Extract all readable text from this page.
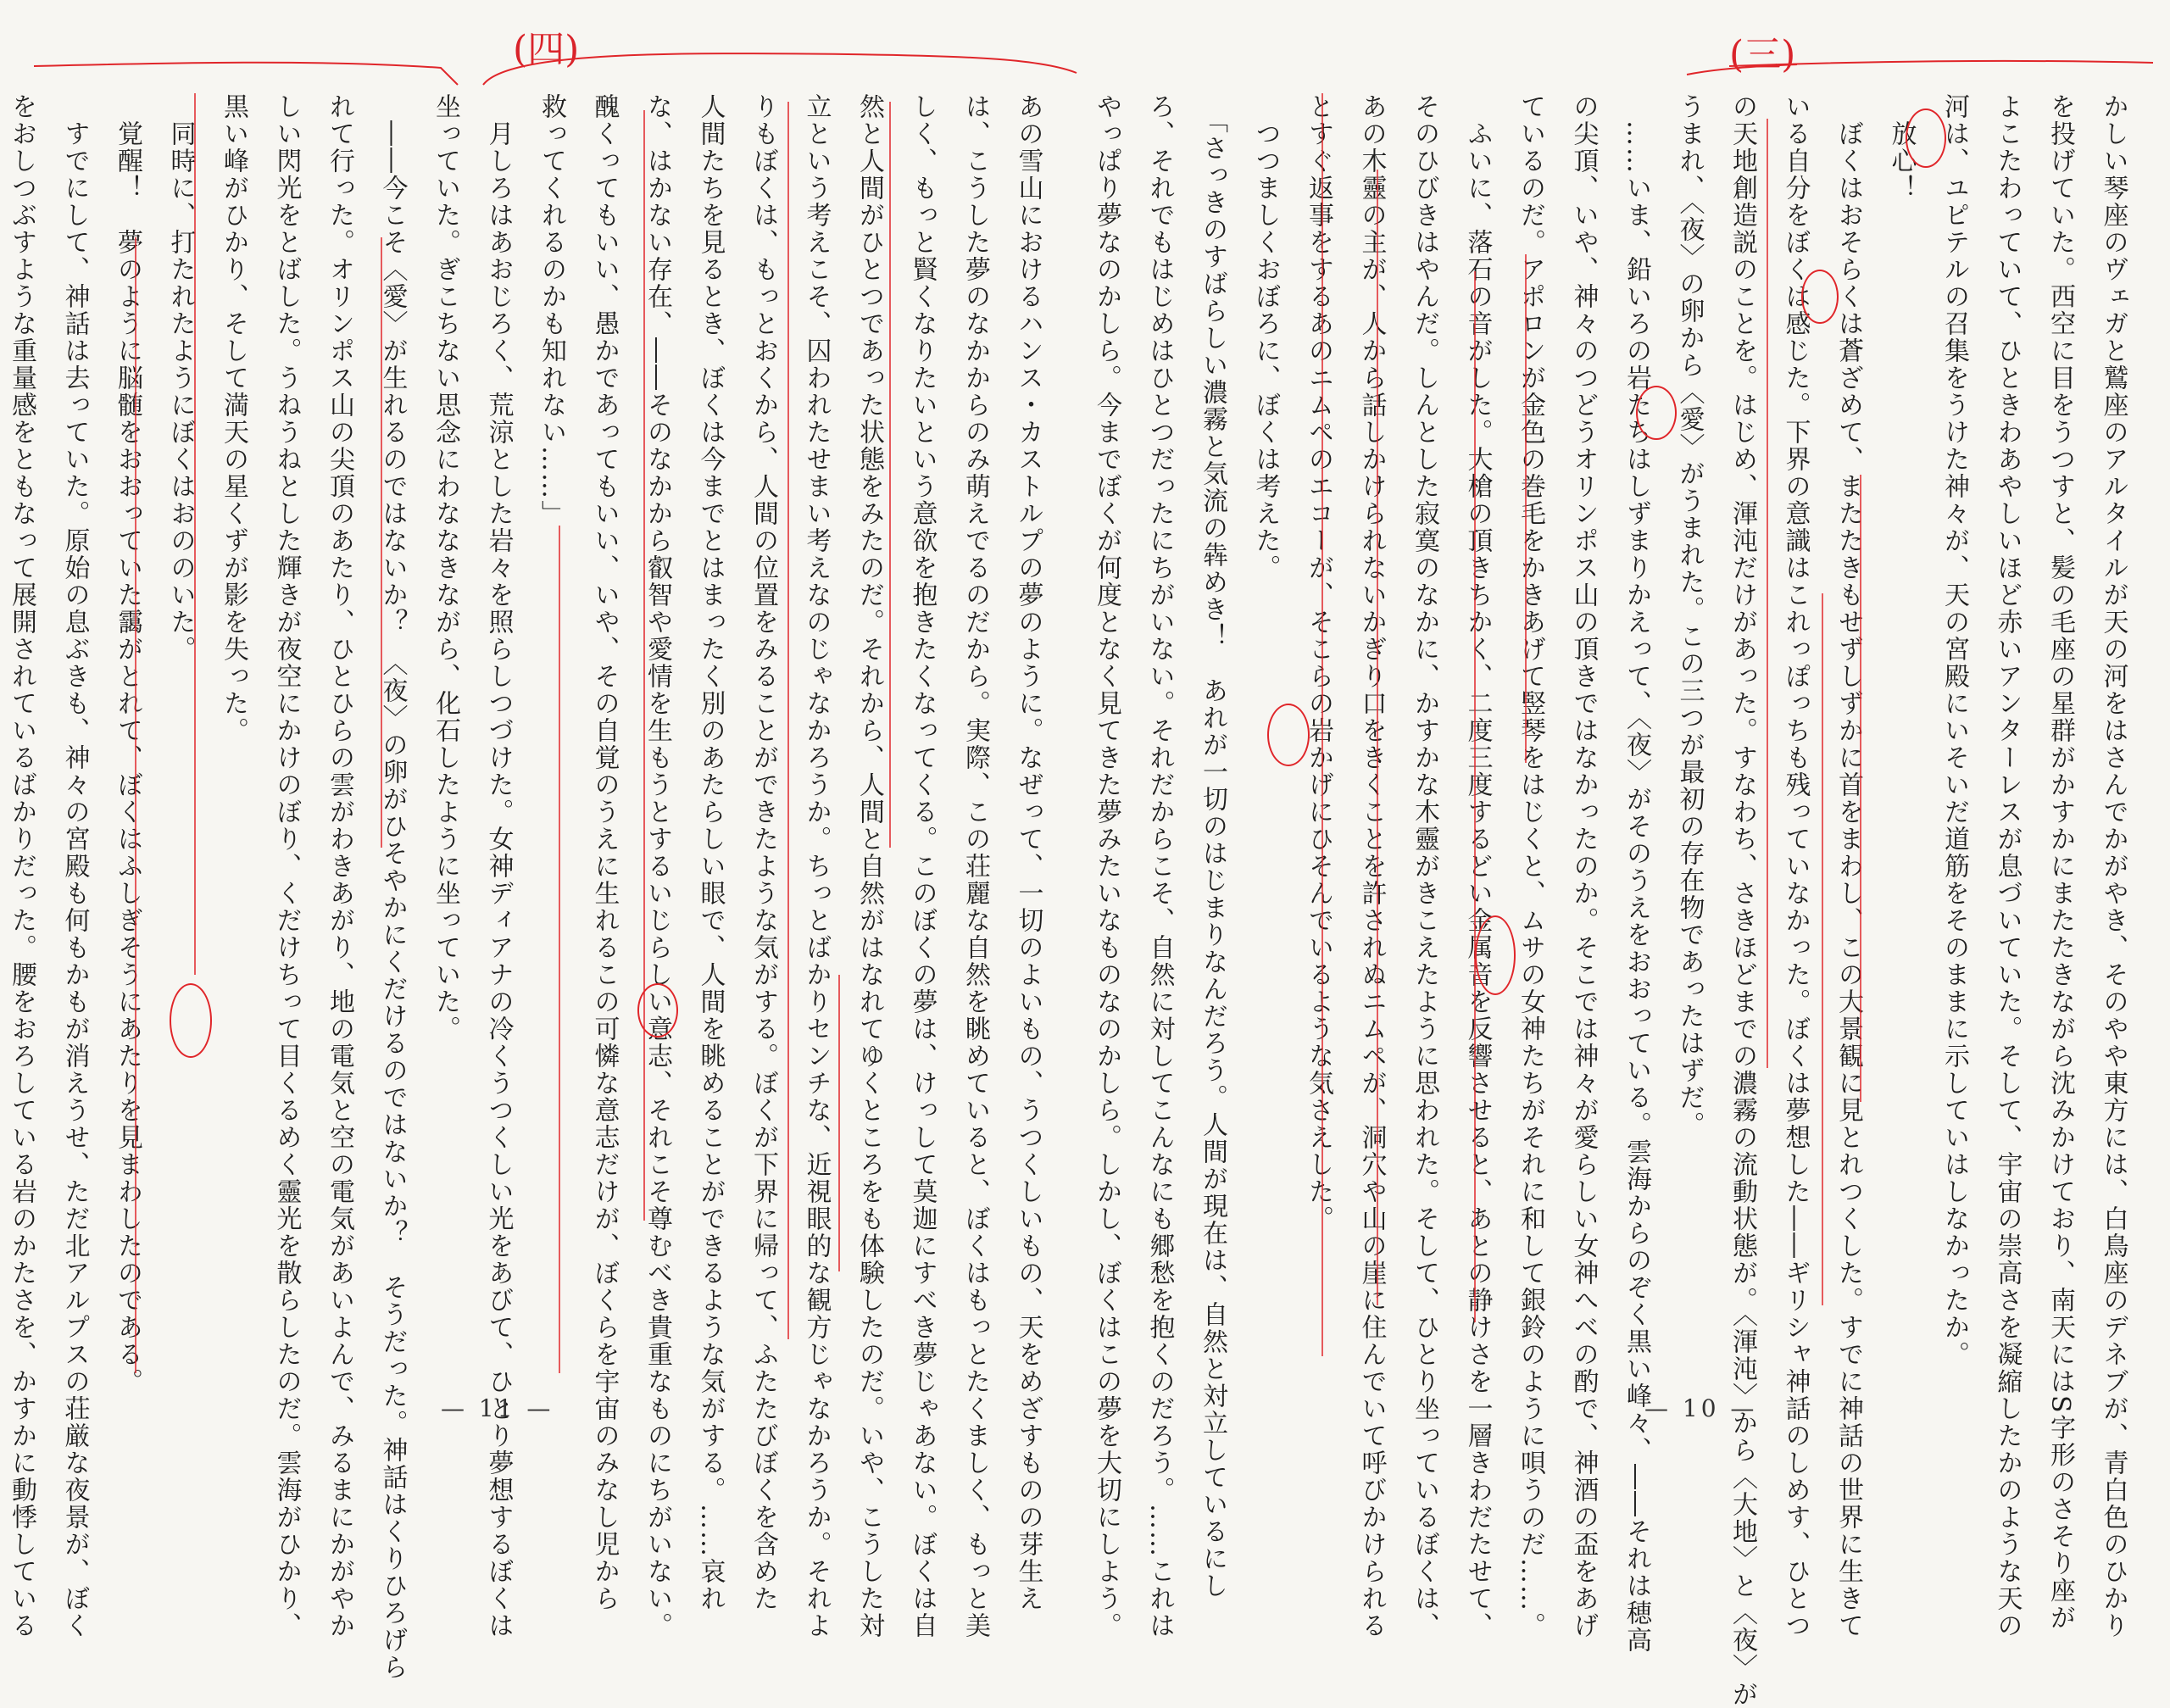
(四)
あの雪山におけるハンス・カストルプの夢のように。なぜって、一切のよいもの、うつくしいもの、天をめざすものの芽生え
は、こうした夢のなかからのみ萌えでるのだから。実際、この荘麗な自然を眺めていると、ぼくはもっとたくましく、もっと美
しく、もっと賢くなりたいという意欲を抱きたくなってくる。このぼくの夢は、けっして莫迦にすべき夢じゃあない。ぼくは自
然と人間がひとつであった状態をみたのだ。それから、人間と自然がはなれてゆくところをも体験したのだ。いや、こうした対
立という考えこそ、囚われたせまい考えなのじゃなかろうか。ちっとばかりセンチな、近視眼的な観方じゃなかろうか。それよ
りもぼくは、もっとおくから、人間の位置をみることができたような気がする。ぼくが下界に帰って、ふたたびぼくを含めた
人間たちを見るとき、ぼくは今までとはまったく別のあたらしい眼で、人間を眺めることができるような気がする。……哀れ
な、はかない存在、――そのなかから叡智や愛情を生もうとするいじらしい意志、それこそ尊むべき貴重なものにちがいない。
醜くってもいい、愚かであってもいい、いや、その自覚のうえに生れるこの可憐な意志だけが、ぼくらを宇宙のみなし児から
救ってくれるのかも知れない……」
　月しろはあおじろく、荒涼とした岩々を照らしつづけた。女神ディアナの冷くうつくしい光をあびて、ひとり夢想するぼくは
坐っていた。ぎこちない思念にわななきながら、化石したように坐っていた。
　――今こそ〈愛〉が生れるのではないか？　〈夜〉の卵がひそやかにくだけるのではないか？　そうだった。神話はくりひろげら
れて行った。オリンポス山の尖頂のあたり、ひとひらの雲がわきあがり、地の電気と空の電気があいよんで、みるまにかがやか
しい閃光をとばした。うねうねとした輝きが夜空にかけのぼり、くだけちって目くるめく靈光を散らしたのだ。雲海がひかり、
黒い峰がひかり、そして満天の星くずが影を失った。
　同時に、打たれたようにぼくはおののいた。
　覚醒！　夢のように脳髄をおおっていた靄がとれて、ぼくはふしぎそうにあたりを見まわしたのである。
　すでにして、神話は去っていた。原始の息ぶきも、神々の宮殿も何もかもが消えうせ、ただ北アルプスの荘厳な夜景が、ぼく
をおしつぶすような重量感をともなって展開されているばかりだった。腰をおろしている岩のかたさを、かすかに動悸している	— 11 —
(三)
かしい琴座のヴェガと鷲座のアルタイルが天の河をはさんでかがやき、そのやや東方には、白鳥座のデネブが、青白色のひかり
を投げていた。西空に目をうつすと、髪の毛座の星群がかすかにまたたきながら沈みかけており、南天にはS字形のさそり座が
よこたわっていて、ひときわあやしいほど赤いアンターレスが息づいていた。そして、宇宙の崇高さを凝縮したかのような天の
河は、ユピテルの召集をうけた神々が、天の宮殿にいそいだ道筋をそのままに示していはしなかったか。
　放心！
　ぼくはおそらくは蒼ざめて、またたきもせずしずかに首をまわし、この大景観に見とれつくした。すでに神話の世界に生きて
いる自分をぼくは感じた。下界の意識はこれっぽっちも残っていなかった。ぼくは夢想した――ギリシャ神話のしめす、ひとつ
の天地創造説のことを。はじめ、渾沌だけがあった。すなわち、さきほどまでの濃霧の流動状態が。〈渾沌〉から〈大地〉と〈夜〉が
うまれ、〈夜〉の卵から〈愛〉がうまれた。この三つが最初の存在物であったはずだ。
　……いま、鉛いろの岩たちはしずまりかえって、〈夜〉がそのうえをおおっている。雲海からのぞく黒い峰々、――それは穂高
の尖頂、いや、神々のつどうオリンポス山の頂きではなかったのか。そこでは神々が愛らしい女神へベの酌で、神酒の盃をあげ
ているのだ。アポロンが金色の巻毛をかきあげて竪琴をはじくと、ムサの女神たちがそれに和して銀鈴のように唄うのだ……。
　ふいに、落石の音がした。大槍の頂きちかく、二度三度するどい金属音を反響させると、あとの静けさを一層きわだたせて、
そのひびきはやんだ。しんとした寂寞のなかに、かすかな木靈がきこえたように思われた。そして、ひとり坐っているぼくは、
あの木靈の主が、人から話しかけられないかぎり口をきくことを許されぬニムペが、洞穴や山の崖に住んでいて呼びかけられる
とすぐ返事をするあのニムペのエコーが、そこらの岩かげにひそんでいるような気さえした。
　つつましくおぼろに、ぼくは考えた。
　「さっきのすばらしい濃霧と気流の犇めき！　あれが一切のはじまりなんだろう。人間が現在は、自然と対立しているにし
ろ、それでもはじめはひとつだったにちがいない。それだからこそ、自然に対してこんなにも郷愁を抱くのだろう。……これは
やっぱり夢なのかしら。今までぼくが何度となく見てきた夢みたいなものなのかしら。しかし、ぼくはこの夢を大切にしよう。	— 10 —
